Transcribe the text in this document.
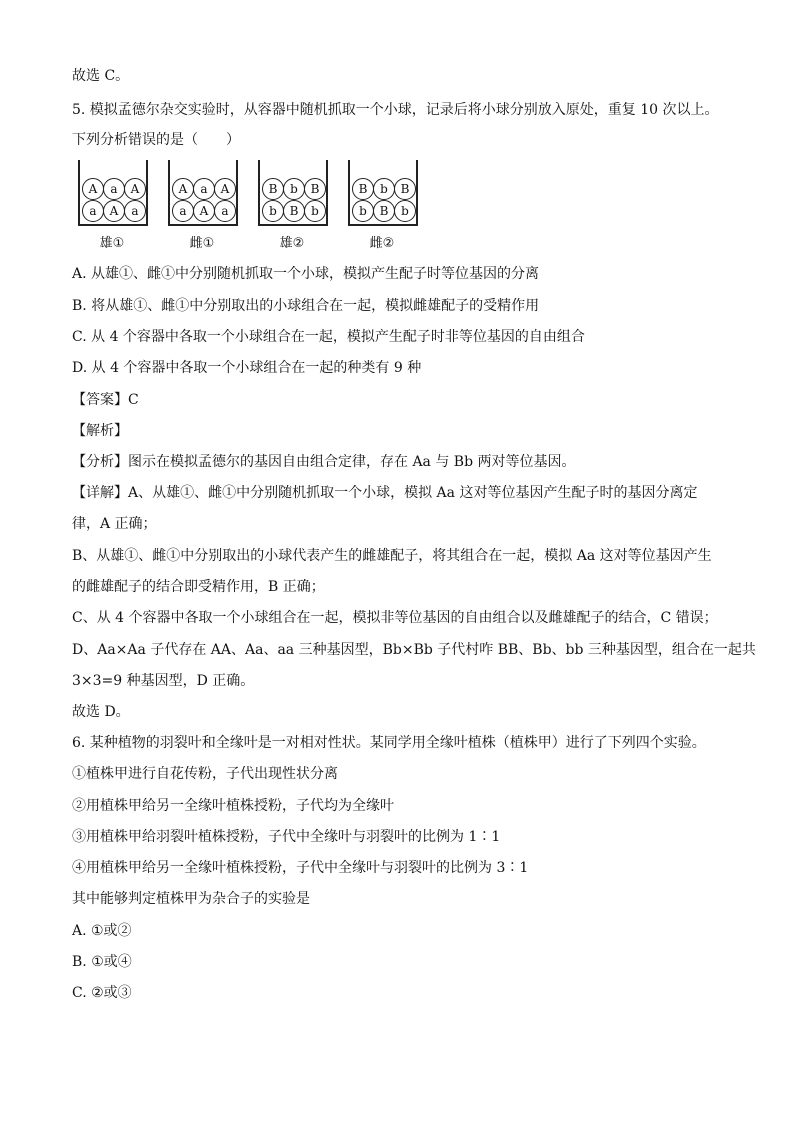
故选 C。
5. 模拟孟德尔杂交实验时，从容器中随机抓取一个小球，记录后将小球分别放入原处，重复 10 次以上。
下列分析错误的是（　　）
A	a	A
a	A	a
雄①
A	a	A
a	A	a
雌①
B	b	B
b	B	b
雄②
B	b	B
b	B	b
雌②
A. 从雄①、雌①中分别随机抓取一个小球，模拟产生配子时等位基因的分离
B. 将从雄①、雌①中分别取出的小球组合在一起，模拟雌雄配子的受精作用
C. 从 4 个容器中各取一个小球组合在一起，模拟产生配子时非等位基因的自由组合
D. 从 4 个容器中各取一个小球组合在一起的种类有 9 种
【答案】C
【解析】
【分析】图示在模拟孟德尔的基因自由组合定律，存在 Aa 与 Bb 两对等位基因。
【详解】A、从雄①、雌①中分别随机抓取一个小球，模拟 Aa 这对等位基因产生配子时的基因分离定
律，A 正确；
B、从雄①、雌①中分别取出的小球代表产生的雌雄配子，将其组合在一起，模拟 Aa 这对等位基因产生
的雌雄配子的结合即受精作用，B 正确；
C、从 4 个容器中各取一个小球组合在一起，模拟非等位基因的自由组合以及雌雄配子的结合，C 错误；
D、Aa×Aa 子代存在 AA、Aa、aa 三种基因型，Bb×Bb 子代村咋 BB、Bb、bb 三种基因型，组合在一起共
3×3=9 种基因型，D 正确。
故选 D。
6. 某种植物的羽裂叶和全缘叶是一对相对性状。某同学用全缘叶植株（植株甲）进行了下列四个实验。
①植株甲进行自花传粉，子代出现性状分离
②用植株甲给另一全缘叶植株授粉，子代均为全缘叶
③用植株甲给羽裂叶植株授粉，子代中全缘叶与羽裂叶的比例为 1∶1
④用植株甲给另一全缘叶植株授粉，子代中全缘叶与羽裂叶的比例为 3∶1
其中能够判定植株甲为杂合子的实验是
A. ①或②
B. ①或④
C. ②或③
